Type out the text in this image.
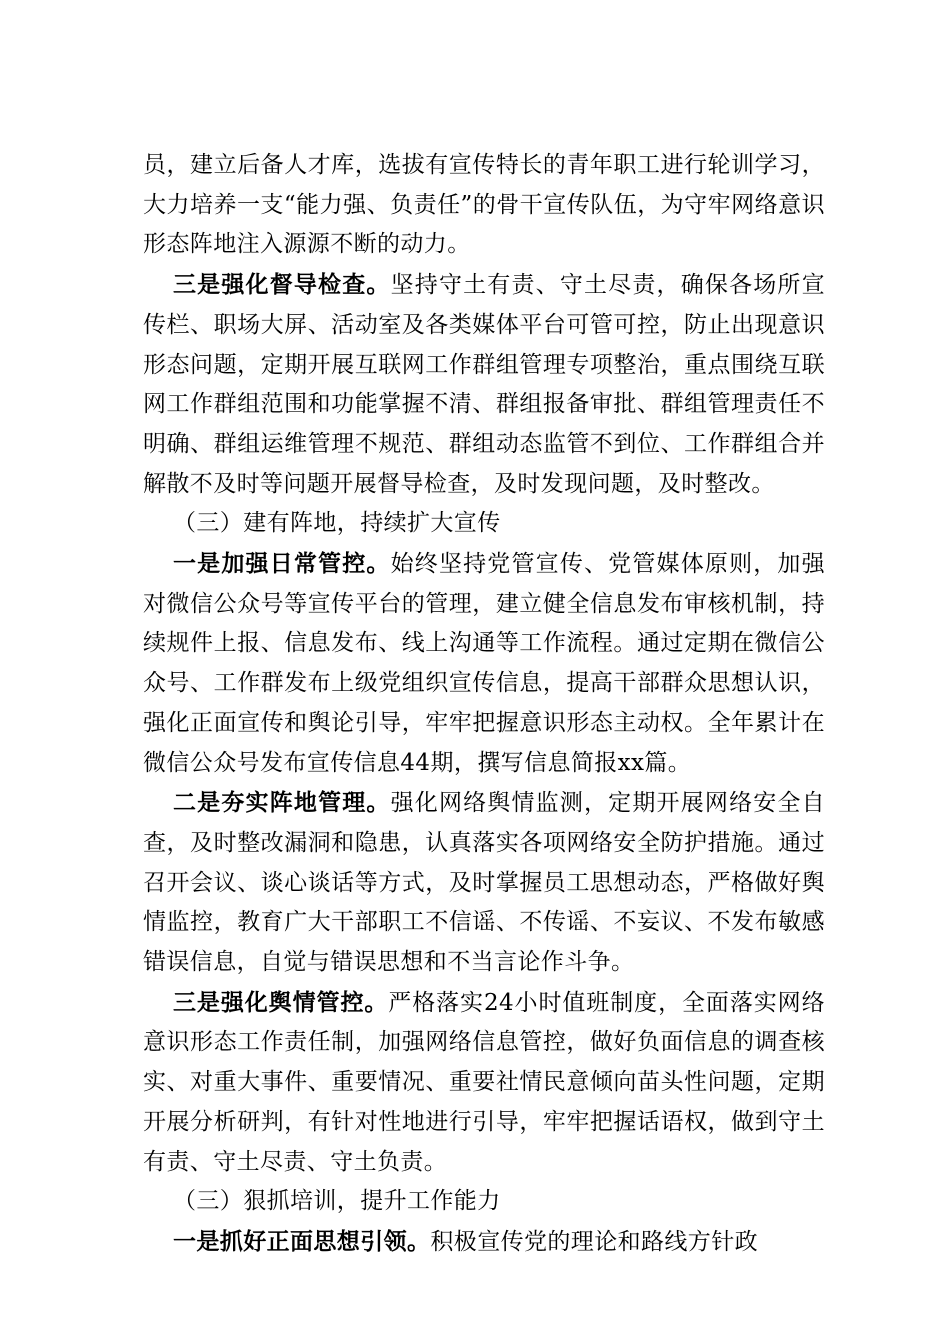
员，建立后备人才库，选拔有宣传特长的青年职工进行轮训学习，大力培养一支“能力强、负责任”的骨干宣传队伍，为守牢网络意识形态阵地注入源源不断的动力。

三是强化督导检查。坚持守土有责、守土尽责，确保各场所宣传栏、职场大屏、活动室及各类媒体平台可管可控，防止出现意识形态问题，定期开展互联网工作群组管理专项整治，重点围绕互联网工作群组范围和功能掌握不清、群组报备审批、群组管理责任不明确、群组运维管理不规范、群组动态监管不到位、工作群组合并解散不及时等问题开展督导检查，及时发现问题，及时整改。

（三）建有阵地，持续扩大宣传

一是加强日常管控。始终坚持党管宣传、党管媒体原则，加强对微信公众号等宣传平台的管理，建立健全信息发布审核机制，持续规件上报、信息发布、线上沟通等工作流程。通过定期在微信公众号、工作群发布上级党组织宣传信息，提高干部群众思想认识，强化正面宣传和舆论引导，牢牢把握意识形态主动权。全年累计在微信公众号发布宣传信息44期，撰写信息简报xx篇。

二是夯实阵地管理。强化网络舆情监测，定期开展网络安全自查，及时整改漏洞和隐患，认真落实各项网络安全防护措施。通过召开会议、谈心谈话等方式，及时掌握员工思想动态，严格做好舆情监控，教育广大干部职工不信谣、不传谣、不妄议、不发布敏感错误信息，自觉与错误思想和不当言论作斗争。

三是强化舆情管控。严格落实24小时值班制度，全面落实网络意识形态工作责任制，加强网络信息管控，做好负面信息的调查核实、对重大事件、重要情况、重要社情民意倾向苗头性问题，定期开展分析研判，有针对性地进行引导，牢牢把握话语权，做到守土有责、守土尽责、守土负责。

（三）狠抓培训，提升工作能力

一是抓好正面思想引领。积极宣传党的理论和路线方针政
